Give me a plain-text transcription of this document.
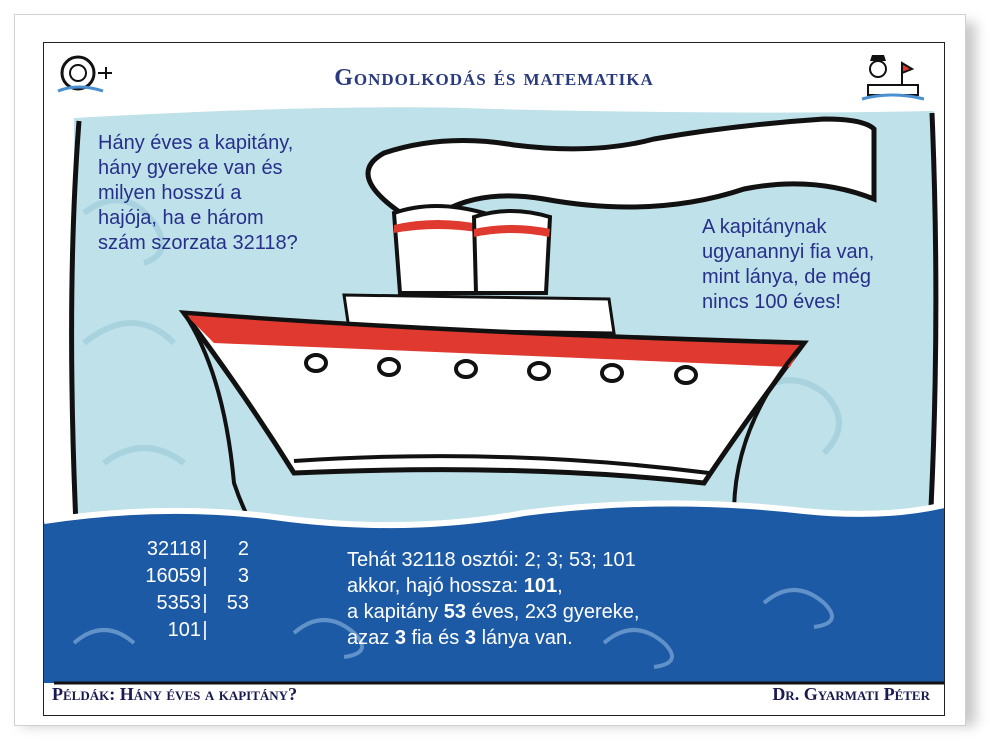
Gondolkodás és matematika
Hány éves a kapitány,
hány gyereke van és
milyen hosszú a
hajója, ha e három
szám szorzata 32118?
A kapitánynak
ugyanannyi fia van,
mint lánya, de még
nincs 100 éves!
32118 |	2
16059 |	3
5353 | 53
101 |
Tehát 32118 osztói: 2; 3; 53; 101
akkor, hajó hossza: 101,
a kapitány 53 éves, 2x3 gyereke,
azaz 3 fia és 3 lánya van.
Példák: Hány éves a kapitány?	Dr. Gyarmati Péter
